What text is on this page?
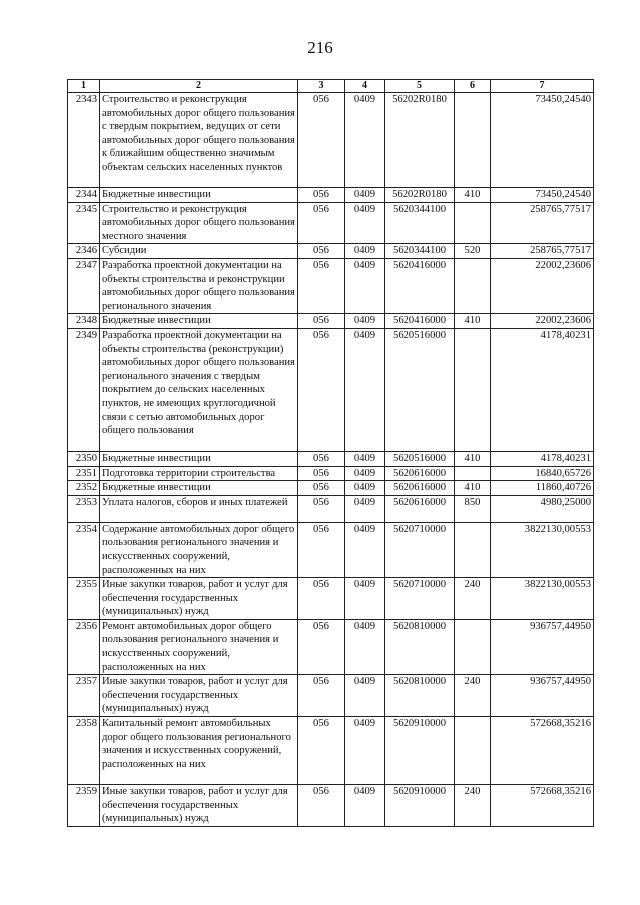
216
1	2	3	4	5	6	7
2343	Строительство и реконструкция автомобильных дорог общего пользования с твердым покрытием, ведущих от сети автомобильных дорог общего пользования к ближайшим общественно значимым объектам сельских населенных пунктов	056	0409	56202R0180		73450,24540
2344	Бюджетные инвестиции	056	0409	56202R0180	410	73450,24540
2345	Строительство и реконструкция автомобильных дорог общего пользования местного значения	056	0409	5620344100		258765,77517
2346	Субсидии	056	0409	5620344100	520	258765,77517
2347	Разработка проектной документации на объекты строительства и реконструкции автомобильных дорог общего пользования регионального значения	056	0409	5620416000		22002,23606
2348	Бюджетные инвестиции	056	0409	5620416000	410	22002,23606
2349	Разработка проектной документации на объекты строительства (реконструкции) автомобильных дорог общего пользования регионального значения с твердым покрытием до сельских населенных пунктов, не имеющих круглогодичной связи с сетью автомобильных дорог общего пользования	056	0409	5620516000		4178,40231
2350	Бюджетные инвестиции	056	0409	5620516000	410	4178,40231
2351	Подготовка территории строительства	056	0409	5620616000		16840,65726
2352	Бюджетные инвестиции	056	0409	5620616000	410	11860,40726
2353	Уплата налогов, сборов и иных платежей	056	0409	5620616000	850	4980,25000
2354	Содержание автомобильных дорог общего пользования регионального значения и искусственных сооружений, расположенных на них	056	0409	5620710000		3822130,00553
2355	Иные закупки товаров, работ и услуг для обеспечения государственных (муниципальных) нужд	056	0409	5620710000	240	3822130,00553
2356	Ремонт автомобильных дорог общего пользования регионального значения и искусственных сооружений, расположенных на них	056	0409	5620810000		936757,44950
2357	Иные закупки товаров, работ и услуг для обеспечения государственных (муниципальных) нужд	056	0409	5620810000	240	936757,44950
2358	Капитальный ремонт автомобильных дорог общего пользования регионального значения и искусственных сооружений, расположенных на них	056	0409	5620910000		572668,35216
2359	Иные закупки товаров, работ и услуг для обеспечения государственных (муниципальных) нужд	056	0409	5620910000	240	572668,35216
